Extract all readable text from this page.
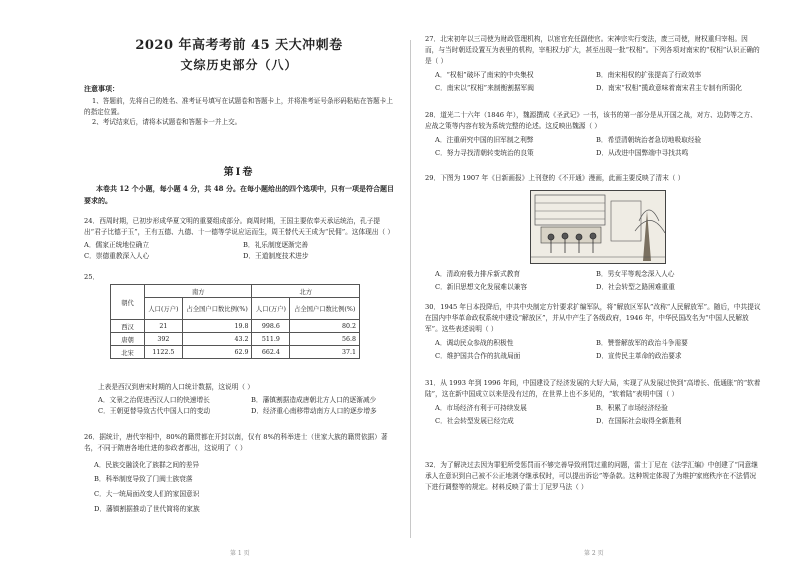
2020 年高考考前 45 天大冲刺卷
文综历史部分（八）
注意事项：

1、答题前，先将自己的姓名、准考证号填写在试题卷和答题卡上，并将准考证号条形码粘贴在答题卡上的指定位置。

2、考试结束后，请将本试题卷和答题卡一并上交。

第Ⅰ卷
本卷共 12 个小题，每小题 4 分，共 48 分。在每小题给出的四个选项中，只有一项是符合题目要求的。

24．西周时期，已初步形成华夏文明的重要组成部分。商周时期，王国主要依奉天承运统治，孔子提出“君子比德于玉”，王有五德、九德、十一德等学说应运而生，周王替代天王成为“民佣”。这体现出（ ）

A．儒家正统地位确立	B．礼乐制度逐渐完善
C．崇德重教深入人心	D．王道制度技术进步
25．
朝代	南方		北方	
	人口(万户)	占全国户口数比例(%)	人口(万户)	占全国户口数比例(%)
西汉	21	19.8	998.6	80.2
唐朝	392	43.2	511.9	56.8
北宋	1122.5	62.9	662.4	37.1

上表是西汉到唐宋时期的人口统计数据，这说明（ ）

A．文景之治促进西汉人口的快速增长	B．藩镇割据造成唐朝北方人口的逐渐减少
C．王朝更替导致古代中国人口的变动	D．经济重心南移带动南方人口的逐步增多

26．据统计，唐代宰相中，80%的籍贯都在开封以南，仅有 8%的科举进士（世家大族的籍贯依据）著名，不同于隋唐各地仕进的参政者都出，这说明了（ ）

A．民族交融淡化了族群之间的差异
B．科举制度导致了门阀士族衰落
C．大一统局面改变人们的家国意识
D．藩镇割据推动了世代简将的家族

27．北宋初年以三司使为财政管理机构，以宦官充任副使官。宋神宗实行变法，废三司使，财权重归宰相。因而，与当时朝廷设置互为表里的机构，宰相权力扩大，甚至出现一批“权相”。下列各项对南宋的“权相”认识正确的是（ ）

A．“权相”破坏了南宋的中央集权	B．南宋相权的扩张提高了行政效率
C．南宋以“权相”来制衡割据军阀	D．南宋“权相”揽政意味着南宋君主专制有所弱化

28．道光二十六年（1846 年），魏源撰成《圣武记》一书，该书的第一部分是从开国之战，对方、边防等之方、应战之策等内容有较为系统完整的论述。这反映出魏源（ ）

A．注重研究中国的旧军制之利弊	B．希望清朝统治者急切地吸取经验
C．努力寻找清朝转变统治的良策	D．从改进中国弊端中寻找共鸣
29．下图为 1907 年《日新画报》上刊登的《不开通》漫画，此画主要反映了清末（ ）
A．清政府极力排斥新式教育	B．男女平等观念深入人心
C．新旧思想文化发展难以兼容	D．社会转型之路困难重重

30．1945 年日本投降后，中共中央制定方针要求扩编军队，将“解放区军队”改称“人民解放军”。随后，中共提议在国内中华革命政权系统中建设“解放区”，并从中产生了各级政府，1946 年，中华民国改名为“中国人民解放军”。这些表述说明（ ）

A．调动民众参战的积极性	B．赞誉解放军的政治斗争需要
C．维护国共合作的抗战局面	D．宣传民主革命的政治要求

31．从 1993 年到 1996 年间，中国建设了经济发展的大好大局，实现了从发展过快到“高增长、低通胀”的“软着陆”，这在新中国成立以来是没有过的，在世界上也不多见的，“软着陆”表明中国（ ）

A．市场经济有利于可持续发展	B．积累了市场经济经验
C．社会转型发展已经完成	D．在国际社会取得全新胜利

32．为了解决过去因为罪犯所受惩罚而不够完善导致刑罚过重的问题，雷士丁尼在《法学汇编》中创建了“同意继承人在意识到自己被不公正地剥夺继承权时，可以提出诉讼”等条款。这种规定体现了为维护家庭秩序在不法情况下进行调整等的规定。材料反映了雷士丁尼罗马法（ ）

第 1 页	第 2 页
